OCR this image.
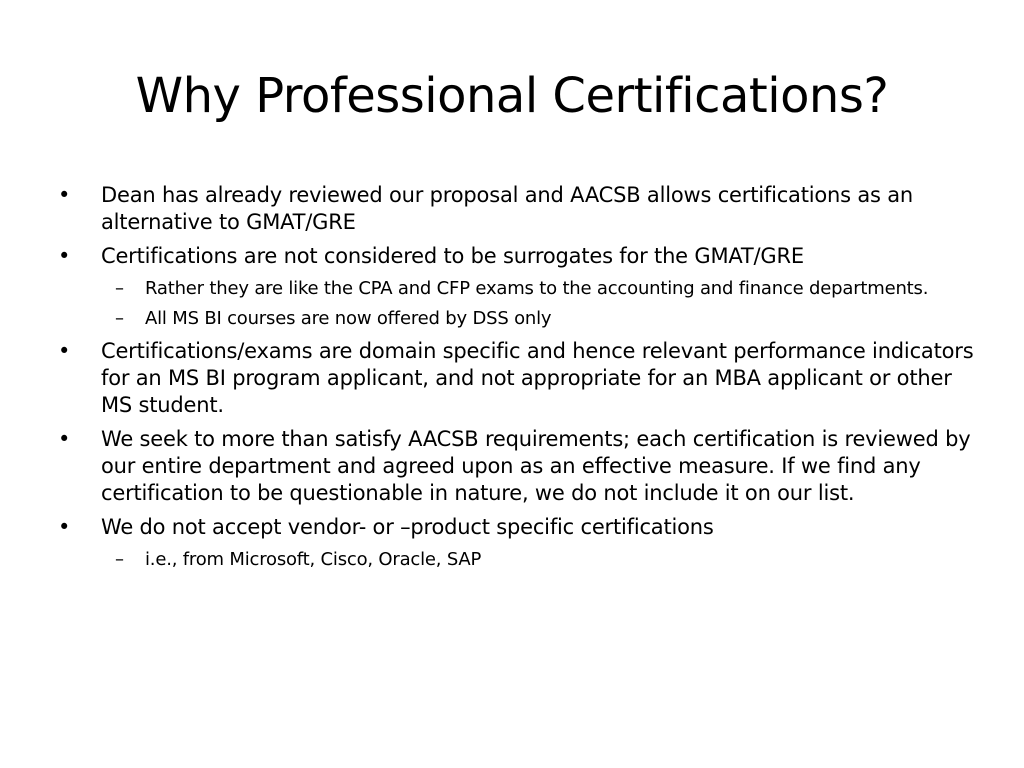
Why Professional Certifications?
• Dean has already reviewed our proposal and AACSB allows certifications as an alternative to GMAT/GRE
• Certifications are not considered to be surrogates for the GMAT/GRE
– Rather they are like the CPA and CFP exams to the accounting and finance departments.
– All MS BI courses are now offered by DSS only
• Certifications/exams are domain specific and hence relevant performance indicators for an MS BI program applicant, and not appropriate for an MBA applicant or other MS student.
• We seek to more than satisfy AACSB requirements; each certification is reviewed by our entire department and agreed upon as an effective measure. If we find any certification to be questionable in nature, we do not include it on our list.
• We do not accept vendor- or –product specific certifications
– i.e., from Microsoft, Cisco, Oracle, SAP
